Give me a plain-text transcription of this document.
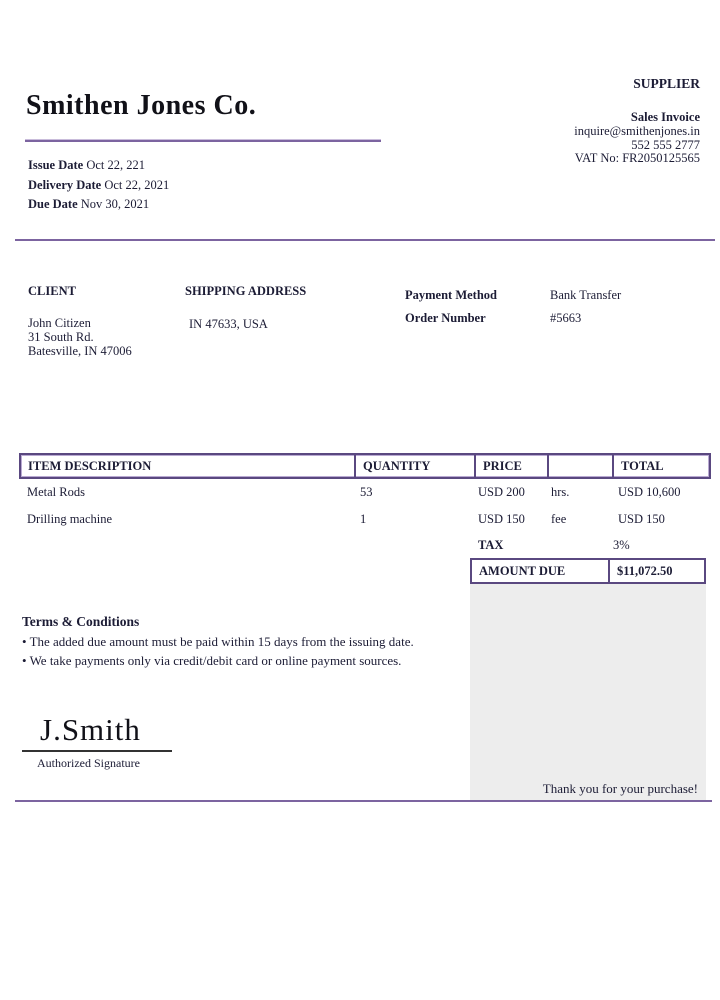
Smithen Jones Co.
SUPPLIER
Sales Invoice
inquire@smithenjones.in
552 555 2777
VAT No: FR2050125565
Issue Date Oct 22, 221
Delivery Date Oct 22, 2021
Due Date Nov 30, 2021
CLIENT
John Citizen
31 South Rd.
Batesville, IN 47006
SHIPPING ADDRESS
IN 47633, USA
Payment Method	Bank Transfer
Order Number	#5663
ITEM DESCRIPTION	QUANTITY	PRICE	TOTAL
Metal Rods	53	USD 200 hrs.	USD 10,600
Drilling machine	1	USD 150 fee	USD 150
TAX	3%
AMOUNT DUE	$11,072.50
Terms & Conditions
• The added due amount must be paid within 15 days from the issuing date.
• We take payments only via credit/debit card or online payment sources.
J.Smith
Authorized Signature
Thank you for your purchase!
